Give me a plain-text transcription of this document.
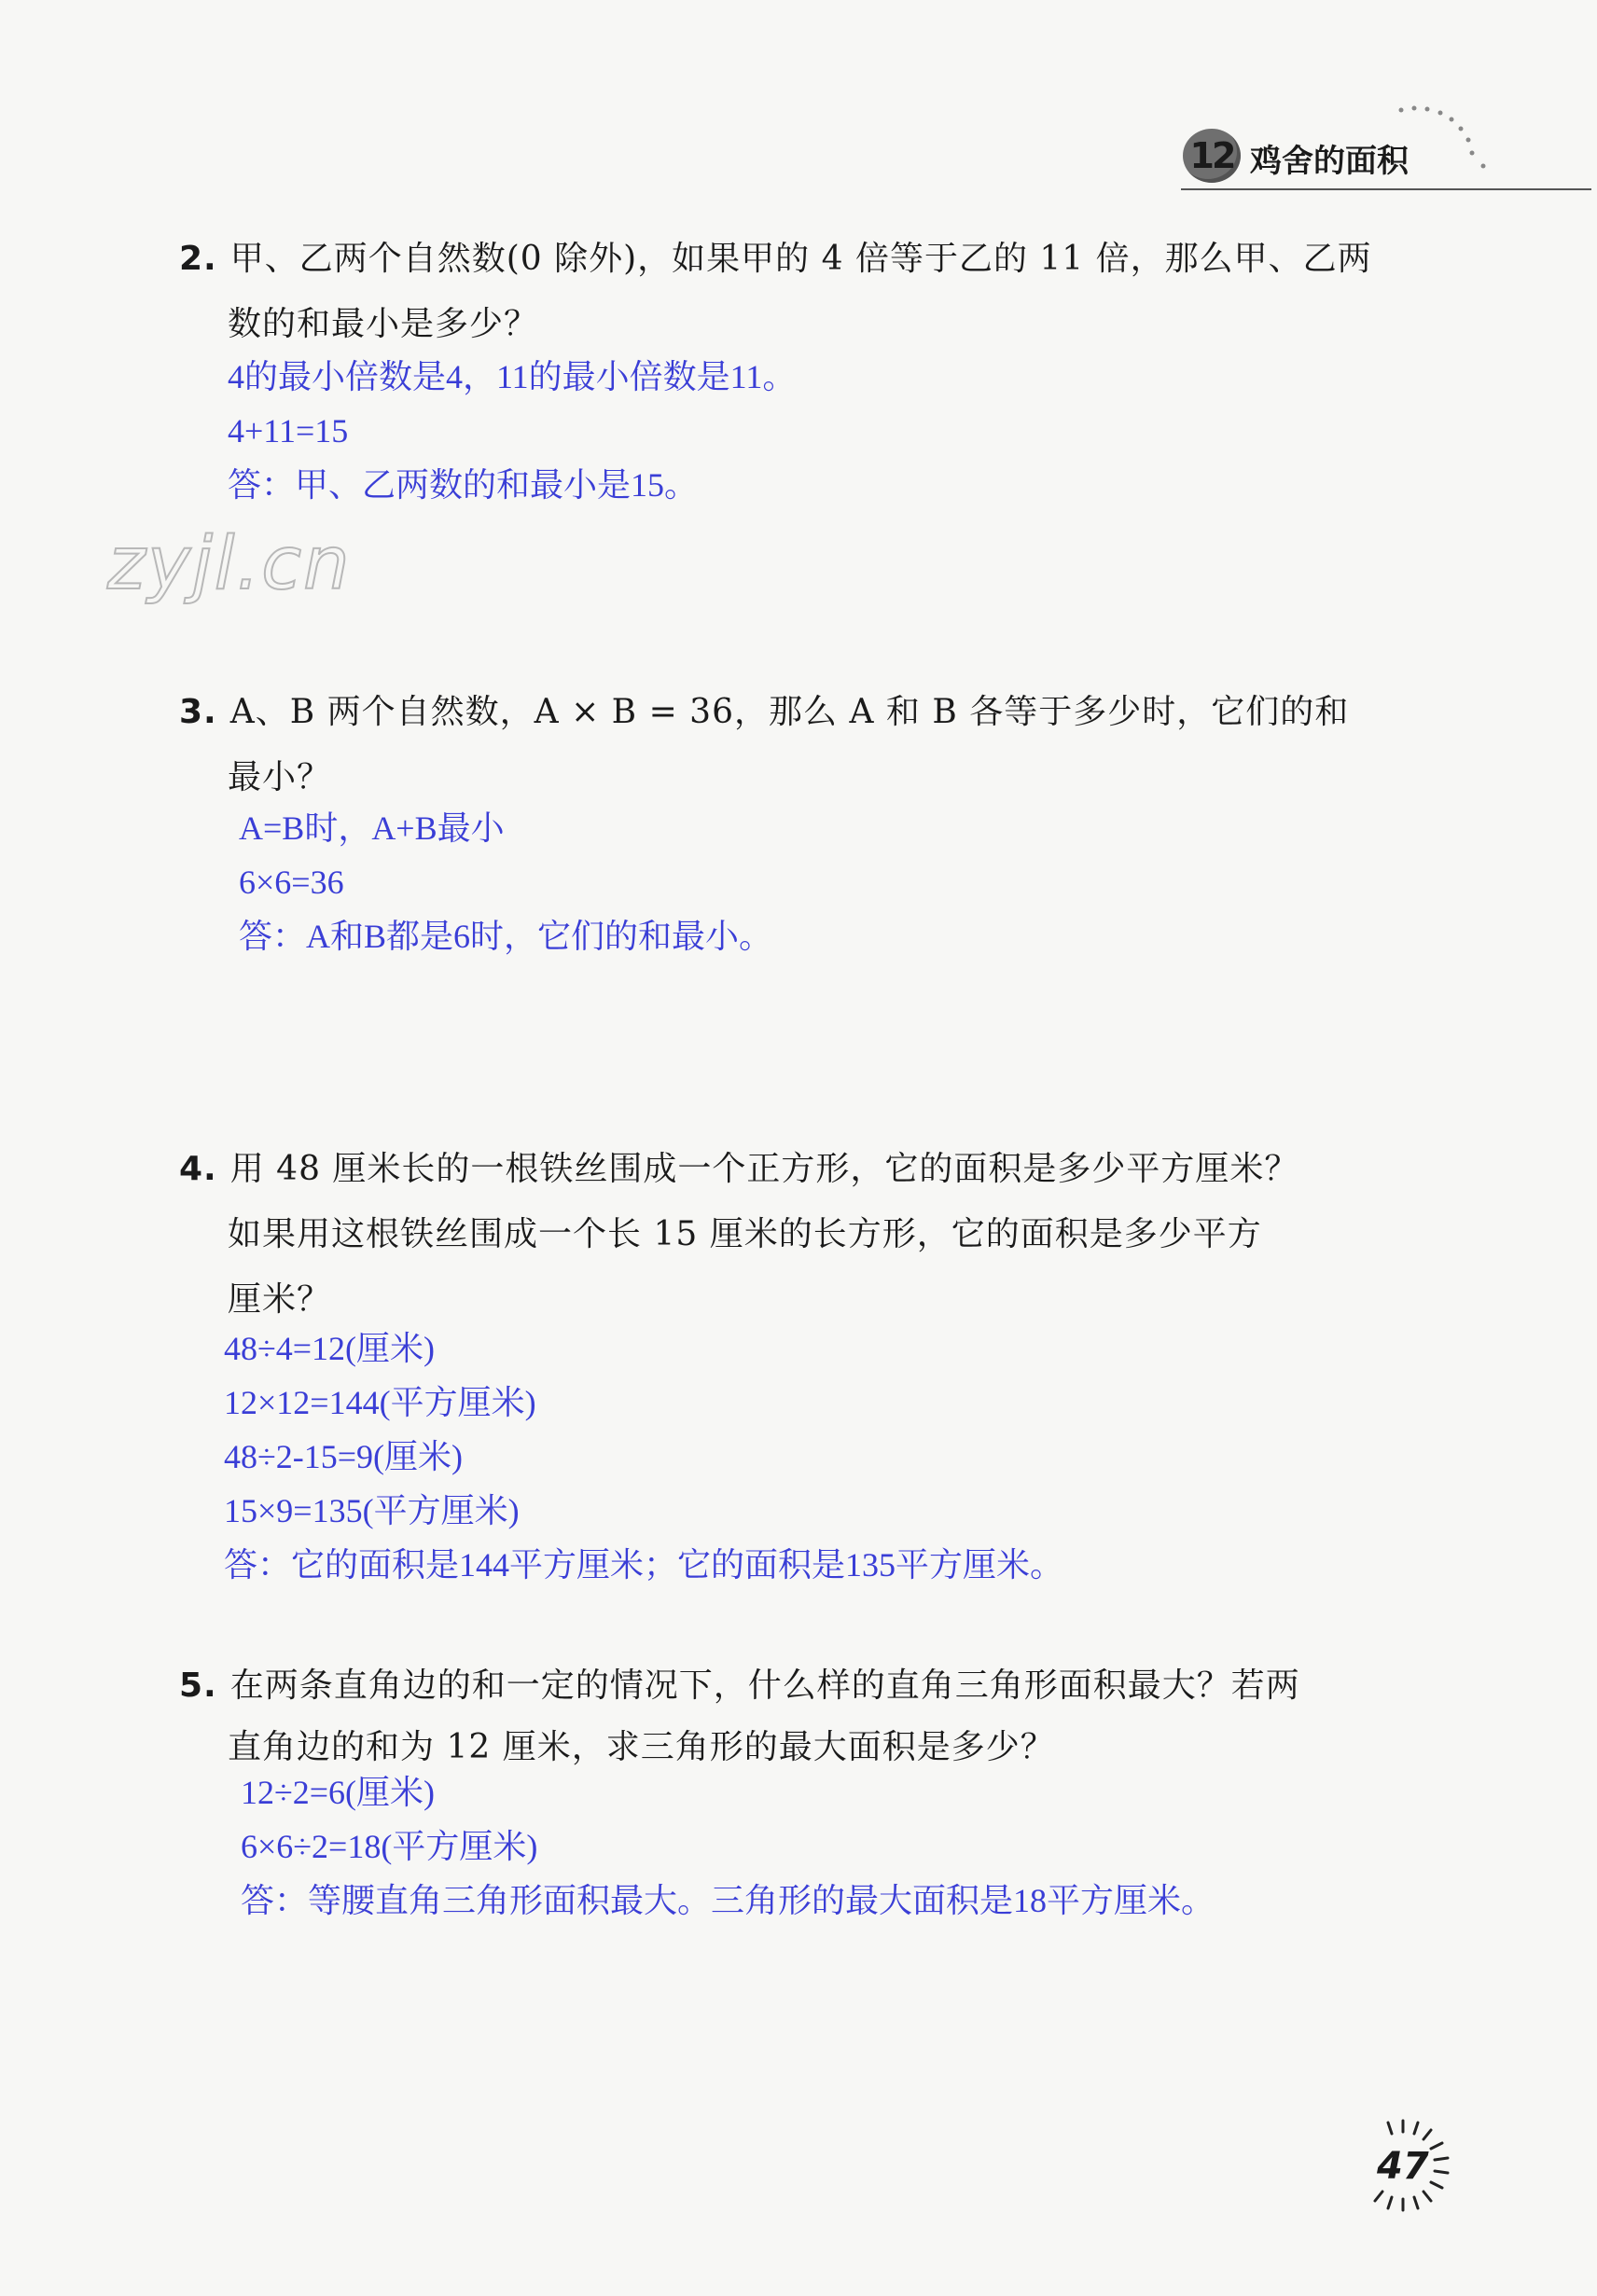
12 鸡舍的面积
zyjl.cn
2. 甲、乙两个自然数(0 除外)，如果甲的 4 倍等于乙的 11 倍，那么甲、乙两
数的和最小是多少？
4的最小倍数是4，11的最小倍数是11。
4+11=15
答：甲、乙两数的和最小是15。
3. A、B 两个自然数，A × B = 36，那么 A 和 B 各等于多少时，它们的和
最小？
A=B时，A+B最小
6×6=36
答：A和B都是6时，它们的和最小。
4. 用 48 厘米长的一根铁丝围成一个正方形，它的面积是多少平方厘米？
如果用这根铁丝围成一个长 15 厘米的长方形，它的面积是多少平方
厘米？
48÷4=12(厘米)
12×12=144(平方厘米)
48÷2-15=9(厘米)
15×9=135(平方厘米)
答：它的面积是144平方厘米；它的面积是135平方厘米。
5. 在两条直角边的和一定的情况下，什么样的直角三角形面积最大？若两
直角边的和为 12 厘米，求三角形的最大面积是多少？
12÷2=6(厘米)
6×6÷2=18(平方厘米)
答：等腰直角三角形面积最大。三角形的最大面积是18平方厘米。
47
